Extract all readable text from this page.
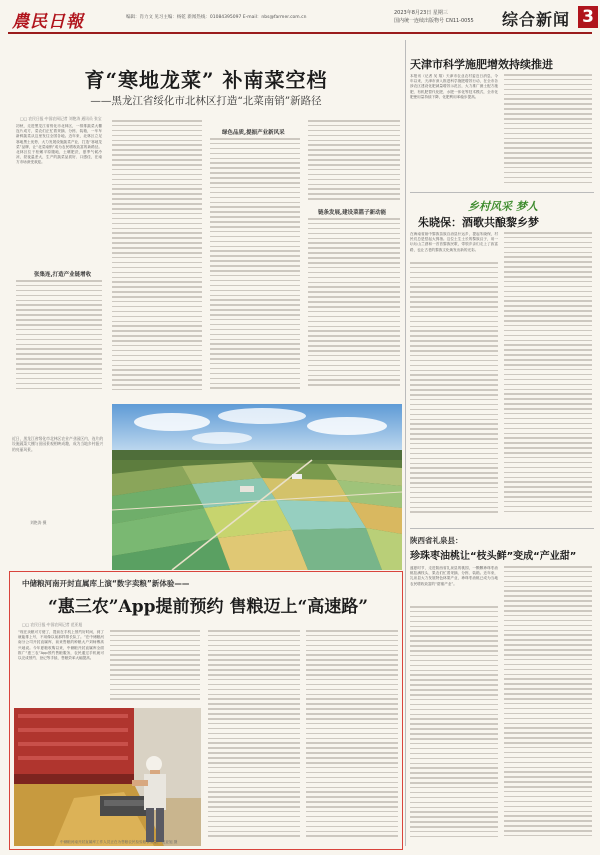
農民日報	编辑：肖力文 见习主编：杨乾 新闻热线：01084395097 E-mail：nbs@farmer.com.cn
2023年8月23日 星期三
国内统一连续出版物号 CN11-0055 综合新闻 3
育“寒地龙菜” 补南菜空档
——黑龙江省绥化市北林区打造“北菜南销”新路径
□□ 农民日报·中国农网记者 刘艳涛 通讯员 张宝
初秋，走进黑龙江省绥化市北林区，一排排蔬菜大棚连片成方，菜农们正忙着采摘、分拣、装箱，一车车新鲜蔬菜从这里发往全国各地。近年来，北林区立足寒地黑土优势，大力发展设施蔬菜产业，打造“寒地龙菜”品牌，让“北菜南销”成为农民增收致富的新路径。北林区位于松嫩平原腹地，土壤肥沃，夏季气候冷凉，昼夜温差大，生产的蔬菜品质好、口感佳，在南方市场深受欢迎。
张集连,打造产业链增收
绿色品质,提振产业新风采
链条发展,建设菜篮子新动能
近日，黑龙江省绥化市北林区农业产业园区内，连片的设施蔬菜大棚与田园景观相映成趣，成为当地乡村振兴的亮丽风景。
刘艳涛 摄
天津市科学施肥增效持续推进
本报讯（记者 吴 翔）天津市农业农村委近日消息，今年以来，天津市深入推进科学施肥增效行动，在全市各涉农区建设化肥减量增效示范区，大力推广测土配方施肥、有机肥替代化肥、水肥一体化等技术模式，全市化肥使用量持续下降，化肥利用率稳步提高。
乡村风采 梦人
朱晓保：酒歌共酿黎乡梦
在海南省琼中黎族苗族自治县什运乡，提起朱晓保，村民们总是竖起大拇指。这位土生土长的黎族汉子，用一坛坛山兰酒和一首首黎族民歌，带领乡亲们走上了致富路，也让古老的黎族文化焕发出新的光彩。
陕西省礼泉县：
珍珠枣油桃让“枝头鲜”变成“产业甜”
盛夏时节，走进陕西省礼泉县的桃园，一颗颗珍珠枣油桃挂满枝头，果农们忙着采摘、分拣、装箱。近年来，礼泉县大力发展特色林果产业，珍珠枣油桃已成为当地农民增收致富的“甜蜜产业”。
中储粮河南开封直属库上演“数字卖粮”新体验——
“惠三农”App提前预约 售粮迈上“高速路”
□□ 农民日报·中国农网记者 范亚旭
“现在卖粮可方便了，提前在手机上预约好时间，到了就能排上号，不用像以前那样排长队了。”在中储粮河南分公司开封直属库，前来售粮的种粮大户刘师傅高兴地说。今年夏粮收购以来，中储粮开封直属库全面推广“惠三农”App预约售粮服务，农民通过手机就可以完成预约、登记等手续，售粮效率大幅提高。
中储粮河南开封直属库工作人员正在为售粮农民检验粮食质量。 范亚旭 摄
